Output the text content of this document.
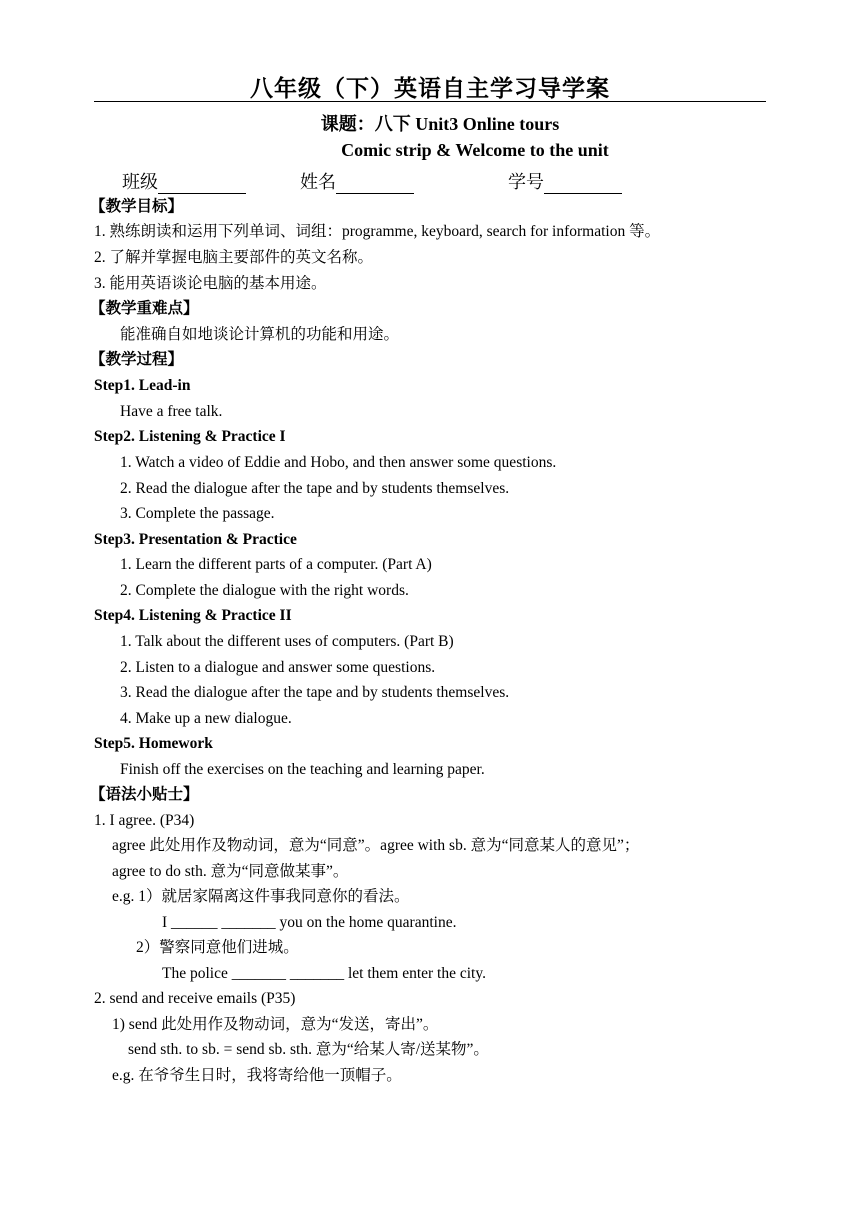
八年级（下）英语自主学习导学案
课题：八下 Unit3 Online tours
Comic strip & Welcome to the unit
班级	姓名	学号
【教学目标】
1. 熟练朗读和运用下列单词、词组：programme, keyboard, search for information 等。
2. 了解并掌握电脑主要部件的英文名称。
3. 能用英语谈论电脑的基本用途。
【教学重难点】
能准确自如地谈论计算机的功能和用途。
【教学过程】
Step1. Lead-in
Have a free talk.
Step2. Listening & Practice I
1. Watch a video of Eddie and Hobo, and then answer some questions.
2. Read the dialogue after the tape and by students themselves.
3. Complete the passage.
Step3. Presentation & Practice
1. Learn the different parts of a computer. (Part A)
2. Complete the dialogue with the right words.
Step4. Listening & Practice II
1. Talk about the different uses of computers. (Part B)
2. Listen to a dialogue and answer some questions.
3. Read the dialogue after the tape and by students themselves.
4. Make up a new dialogue.
Step5. Homework
Finish off the exercises on the teaching and learning paper.
【语法小贴士】
1. I agree. (P34)
agree 此处用作及物动词，意为“同意”。agree with sb. 意为“同意某人的意见”；
agree to do sth. 意为“同意做某事”。
e.g. 1）就居家隔离这件事我同意你的看法。
I ______ _______ you on the home quarantine.
2）警察同意他们进城。
The police _______ _______ let them enter the city.
2. send and receive emails (P35)
1) send 此处用作及物动词，意为“发送，寄出”。
send sth. to sb. = send sb. sth. 意为“给某人寄/送某物”。
e.g. 在爷爷生日时，我将寄给他一顶帽子。
